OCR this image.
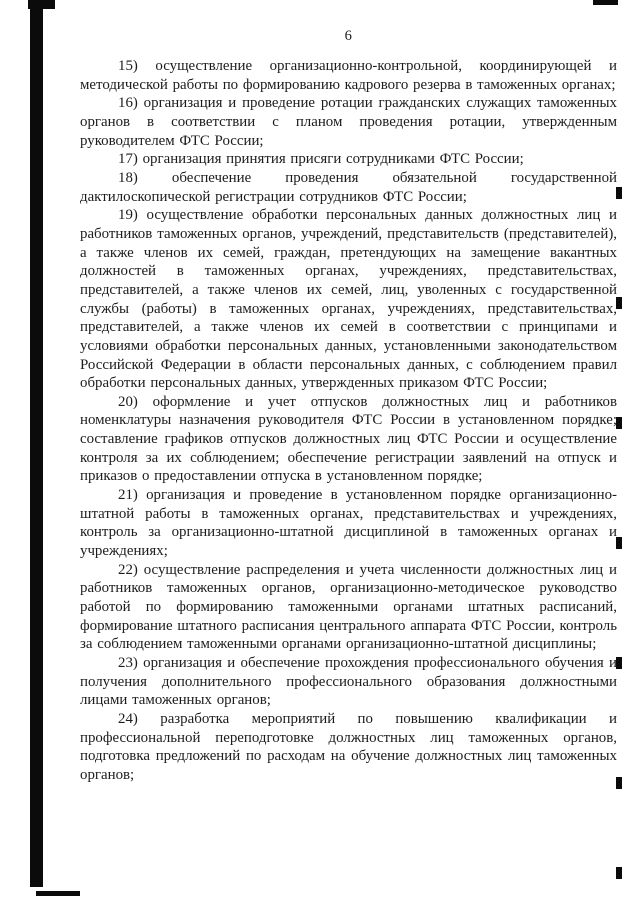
6

15) осуществление организационно-контрольной, координирующей и методической работы по формированию кадрового резерва в таможенных органах;

16) организация и проведение ротации гражданских служащих таможенных органов в соответствии с планом проведения ротации, утвержденным руководителем ФТС России;

17) организация принятия присяги сотрудниками ФТС России;

18) обеспечение проведения обязательной государственной дактилоскопической регистрации сотрудников ФТС России;

19) осуществление обработки персональных данных должностных лиц и работников таможенных органов, учреждений, представительств (представителей), а также членов их семей, граждан, претендующих на замещение вакантных должностей в таможенных органах, учреждениях, представительствах, представителей, а также членов их семей, лиц, уволенных с государственной службы (работы) в таможенных органах, учреждениях, представительствах, представителей, а также членов их семей в соответствии с принципами и условиями обработки персональных данных, установленными законодательством Российской Федерации в области персональных данных, с соблюдением правил обработки персональных данных, утвержденных приказом ФТС России;

20) оформление и учет отпусков должностных лиц и работников номенклатуры назначения руководителя ФТС России в установленном порядке; составление графиков отпусков должностных лиц ФТС России и осуществление контроля за их соблюдением; обеспечение регистрации заявлений на отпуск и приказов о предоставлении отпуска в установленном порядке;

21) организация и проведение в установленном порядке организационно-штатной работы в таможенных органах, представительствах и учреждениях, контроль за организационно-штатной дисциплиной в таможенных органах и учреждениях;

22) осуществление распределения и учета численности должностных лиц и работников таможенных органов, организационно-методическое руководство работой по формированию таможенными органами штатных расписаний, формирование штатного расписания центрального аппарата ФТС России, контроль за соблюдением таможенными органами организационно-штатной дисциплины;

23) организация и обеспечение прохождения профессионального обучения и получения дополнительного профессионального образования должностными лицами таможенных органов;

24) разработка мероприятий по повышению квалификации и профессиональной переподготовке должностных лиц таможенных органов, подготовка предложений по расходам на обучение должностных лиц таможенных органов;
